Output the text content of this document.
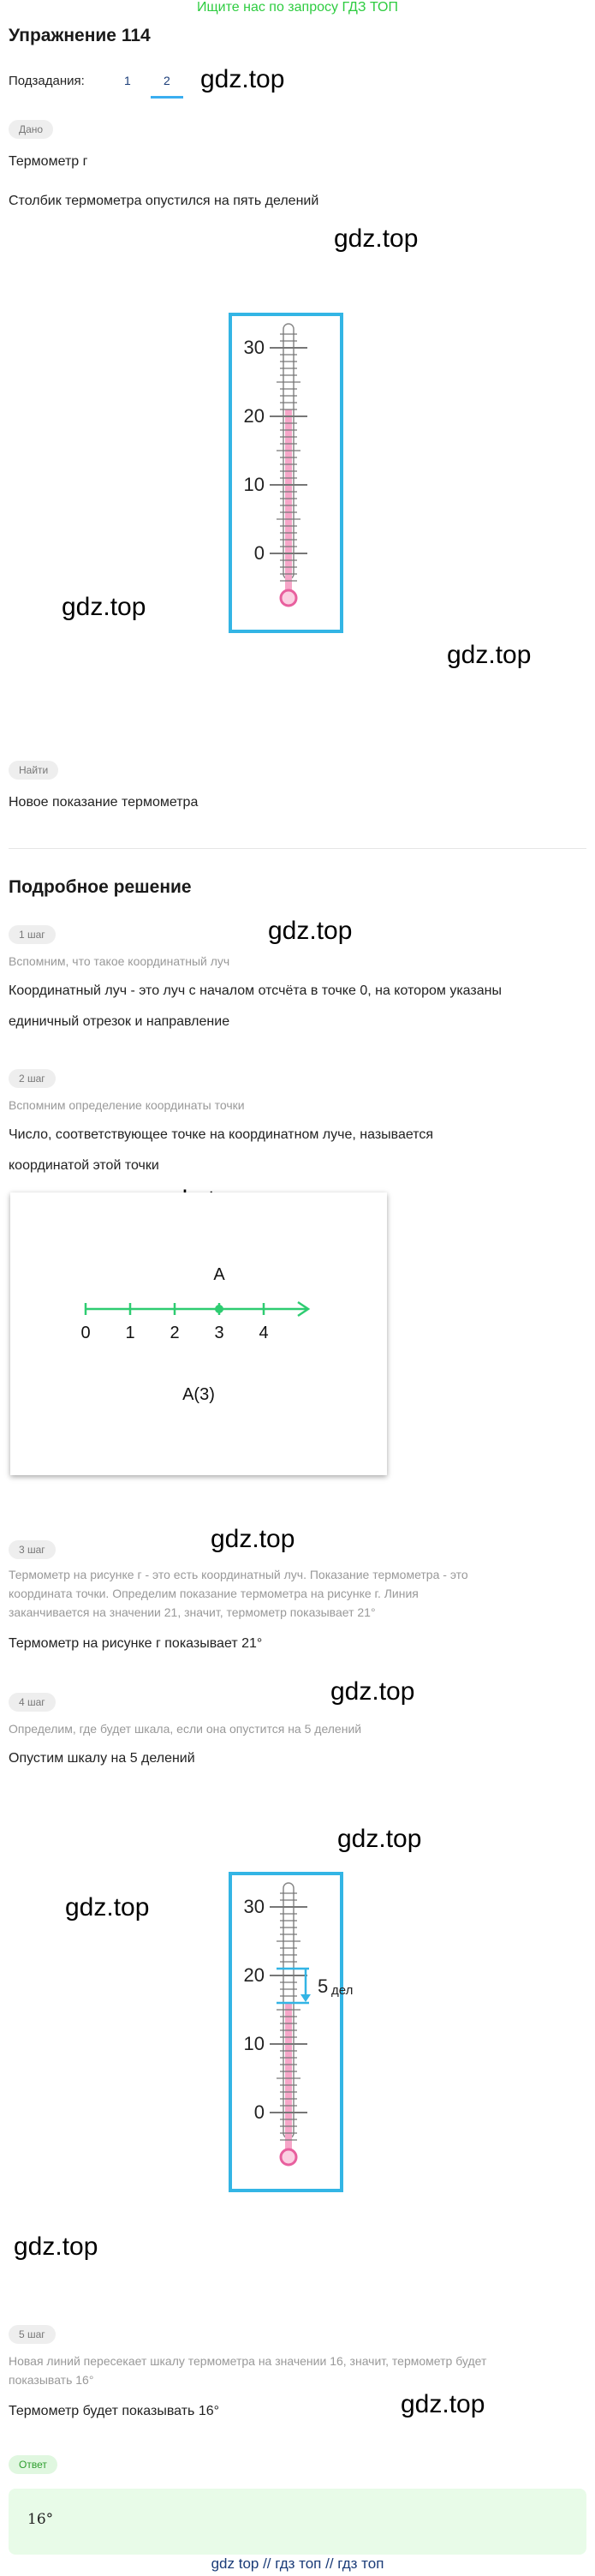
Ищите нас по запросу ГДЗ ТОП
Упражнение 114
Подзадания:	1	2 gdz.top
Дано
Термометр г
Столбик термометра опустился на пять делений
gdz.top
30
20
10
0
gdz.top
gdz.top
Найти
Новое показание термометра
Подробное решение
gdz.top
1 шаг
Вспомним, что такое координатный луч
Координатный луч - это луч с началом отсчёта в точке 0, на котором указаны
единичный отрезок и направление
2 шаг
Вспомним определение координаты точки
Число, соответствующее точке на координатном луче, называется
координатой этой точки
0 1 2 3 4
A
A(3)
gdz.top
3 шаг
Термометр на рисунке г - это есть координатный луч. Показание термометра - это
координата точки. Определим показание термометра на рисунке г. Линия
заканчивается на значении 21, значит, термометр показывает 21°
Термометр на рисунке г показывает 21°
gdz.top
4 шаг
Определим, где будет шкала, если она опустится на 5 делений
Опустим шкалу на 5 делений
gdz.top
gdz.top	30
20
10
0
5 дел
gdz.top
5 шаг
Новая линий пересекает шкалу термометра на значении 16, значит, термометр будет
показывать 16°
Термометр будет показывать 16°	gdz.top
Ответ
16°
gdz top // гдз топ // гдз топ
